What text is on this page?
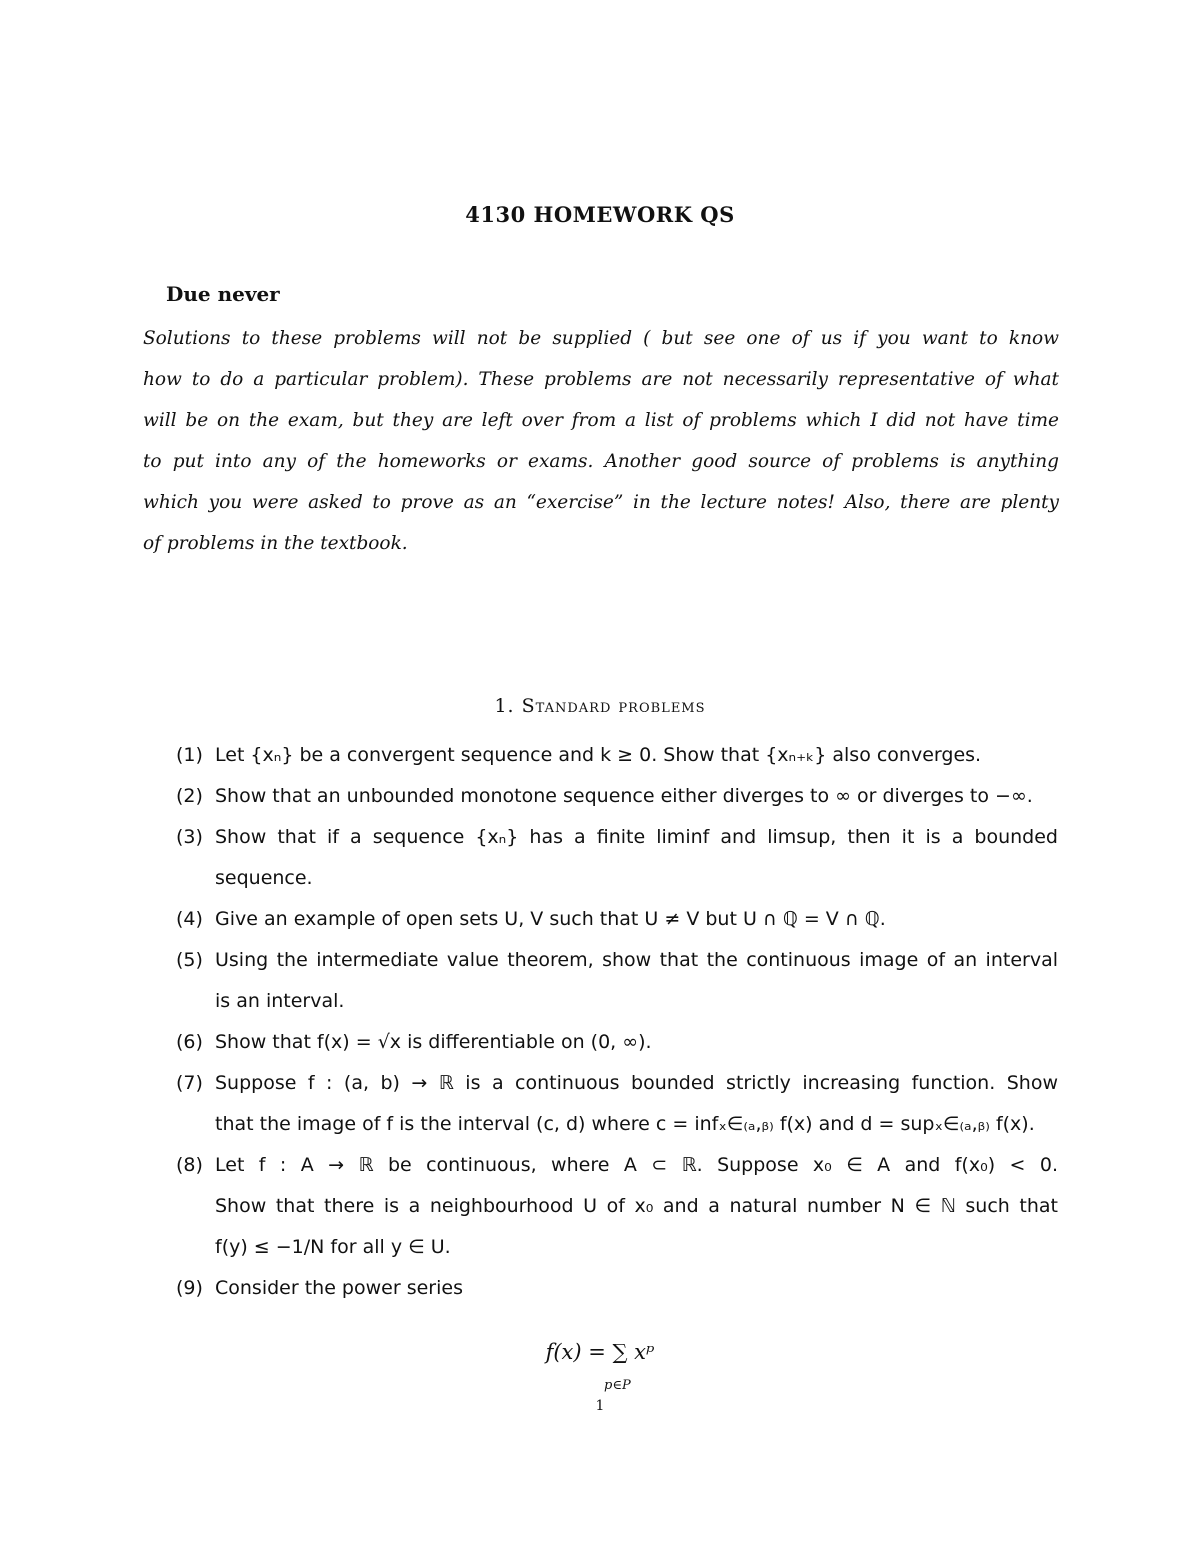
4130 HOMEWORK QS
Due never
Solutions to these problems will not be supplied ( but see one of us if you want to know
how to do a particular problem). These problems are not necessarily representative of what
will be on the exam, but they are left over from a list of problems which I did not have time
to put into any of the homeworks or exams. Another good source of problems is anything
which you were asked to prove as an “exercise” in the lecture notes! Also, there are plenty
of problems in the textbook.
1. Standard problems
(1) Let {xₙ} be a convergent sequence and k ≥ 0. Show that {xₙ₊ₖ} also converges.
(2) Show that an unbounded monotone sequence either diverges to ∞ or diverges to −∞.
(3) Show that if a sequence {xₙ} has a finite liminf and limsup, then it is a bounded
sequence.
(4) Give an example of open sets U, V such that U ≠ V but U ∩ ℚ = V ∩ ℚ.
(5) Using the intermediate value theorem, show that the continuous image of an interval
is an interval.
(6) Show that f(x) = √x is differentiable on (0, ∞).
(7) Suppose f : (a, b) → ℝ is a continuous bounded strictly increasing function. Show
that the image of f is the interval (c, d) where c = infₓ∈₍ₐ,ᵦ₎ f(x) and d = supₓ∈₍ₐ,ᵦ₎ f(x).
(8) Let f : A → ℝ be continuous, where A ⊂ ℝ. Suppose x₀ ∈ A and f(x₀) < 0.
Show that there is a neighbourhood U of x₀ and a natural number N ∈ ℕ such that
f(y) ≤ −1/N for all y ∈ U.
(9) Consider the power series
f(x) = ∑ xᵖ
p∈P
1
